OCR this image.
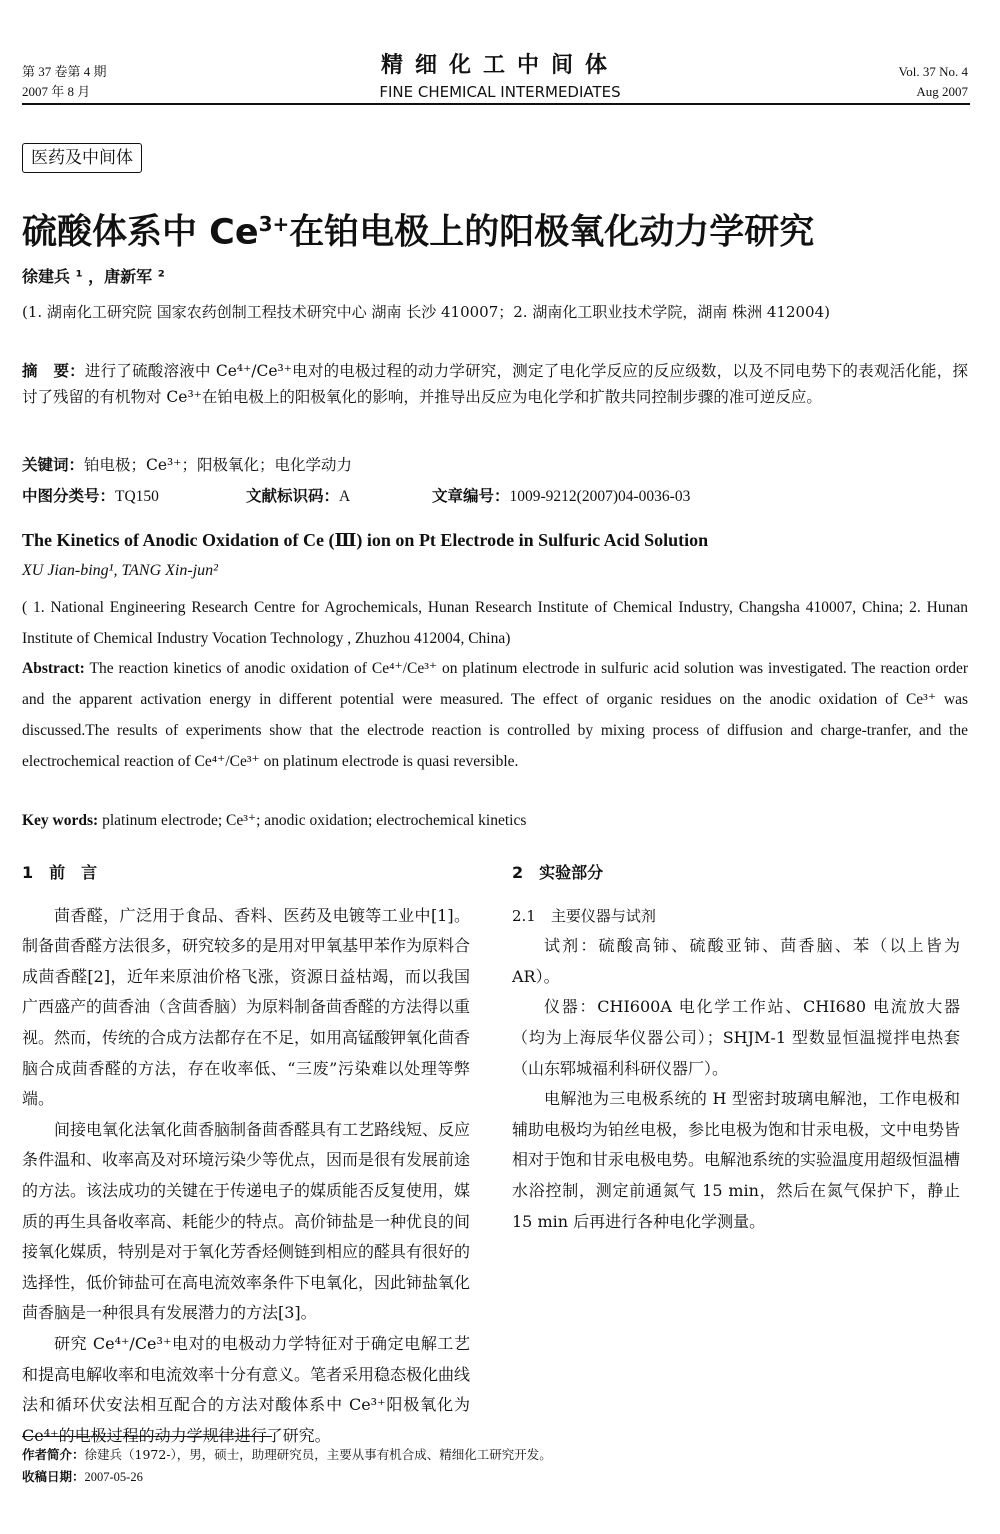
第 37 卷第 4 期
2007 年 8 月
精细化工中间体
FINE CHEMICAL INTERMEDIATES
Vol. 37 No. 4
Aug 2007
医药及中间体
硫酸体系中 $Ce^{3+}$在铂电极上的阳极氧化动力学研究
徐建兵 ¹ ，唐新军 ²
(1. 湖南化工研究院 国家农药创制工程技术研究中心 湖南 长沙 410007；2. 湖南化工职业技术学院，湖南 株洲 412004)
摘　要：进行了硫酸溶液中 Ce⁴⁺/Ce³⁺电对的电极过程的动力学研究，测定了电化学反应的反应级数，以及不同电势下的表观活化能，探讨了残留的有机物对 Ce³⁺在铂电极上的阳极氧化的影响，并推导出反应为电化学和扩散共同控制步骤的准可逆反应。
关键词：铂电极；Ce³⁺；阳极氧化；电化学动力
中图分类号：TQ150	文献标识码：A	文章编号：1009-9212(2007)04-0036-03
The Kinetics of Anodic Oxidation of Ce (Ⅲ) ion on Pt Electrode in Sulfuric Acid Solution
XU Jian-bing¹, TANG Xin-jun²
( 1. National Engineering Research Centre for Agrochemicals, Hunan Research Institute of Chemical Industry, Changsha 410007, China; 2. Hunan Institute of Chemical Industry Vocation Technology , Zhuzhou 412004, China)
Abstract: The reaction kinetics of anodic oxidation of Ce⁴⁺/Ce³⁺ on platinum electrode in sulfuric acid solution was investigated. The reaction order and the apparent activation energy in different potential were measured. The effect of organic residues on the anodic oxidation of Ce³⁺ was discussed.The results of experiments show that the electrode reaction is controlled by mixing process of diffusion and charge-tranfer, and the electrochemical reaction of Ce⁴⁺/Ce³⁺ on platinum electrode is quasi reversible.
Key words: platinum electrode; Ce³⁺; anodic oxidation; electrochemical kinetics
1　前　言

茴香醛，广泛用于食品、香料、医药及电镀等工业中[1]。制备茴香醛方法很多，研究较多的是用对甲氧基甲苯作为原料合成茴香醛[2]，近年来原油价格飞涨，资源日益枯竭，而以我国广西盛产的茴香油（含茴香脑）为原料制备茴香醛的方法得以重视。然而，传统的合成方法都存在不足，如用高锰酸钾氧化茴香脑合成茴香醛的方法，存在收率低、“三废”污染难以处理等弊端。

间接电氧化法氧化茴香脑制备茴香醛具有工艺路线短、反应条件温和、收率高及对环境污染少等优点，因而是很有发展前途的方法。该法成功的关键在于传递电子的媒质能否反复使用，媒质的再生具备收率高、耗能少的特点。高价铈盐是一种优良的间接氧化媒质，特别是对于氧化芳香烃侧链到相应的醛具有很好的选择性，低价铈盐可在高电流效率条件下电氧化，因此铈盐氧化茴香脑是一种很具有发展潜力的方法[3]。

研究 Ce⁴⁺/Ce³⁺电对的电极动力学特征对于确定电解工艺和提高电解收率和电流效率十分有意义。笔者采用稳态极化曲线法和循环伏安法相互配合的方法对酸体系中 Ce³⁺阳极氧化为 Ce⁴⁺的电极过程的动力学规律进行了研究。

2　实验部分
2.1　主要仪器与试剂

试剂：硫酸高铈、硫酸亚铈、茴香脑、苯（以上皆为 AR）。

仪器：CHI600A 电化学工作站、CHI680 电流放大器（均为上海辰华仪器公司）；SHJM-1 型数显恒温搅拌电热套（山东郓城福利科研仪器厂）。

电解池为三电极系统的 H 型密封玻璃电解池，工作电极和辅助电极均为铂丝电极，参比电极为饱和甘汞电极，文中电势皆相对于饱和甘汞电极电势。电解池系统的实验温度用超级恒温槽水浴控制，测定前通氮气 15 min，然后在氮气保护下，静止 15 min 后再进行各种电化学测量。

作者简介：徐建兵（1972-），男，硕士，助理研究员，主要从事有机合成、精细化工研究开发。
收稿日期：2007-05-26
